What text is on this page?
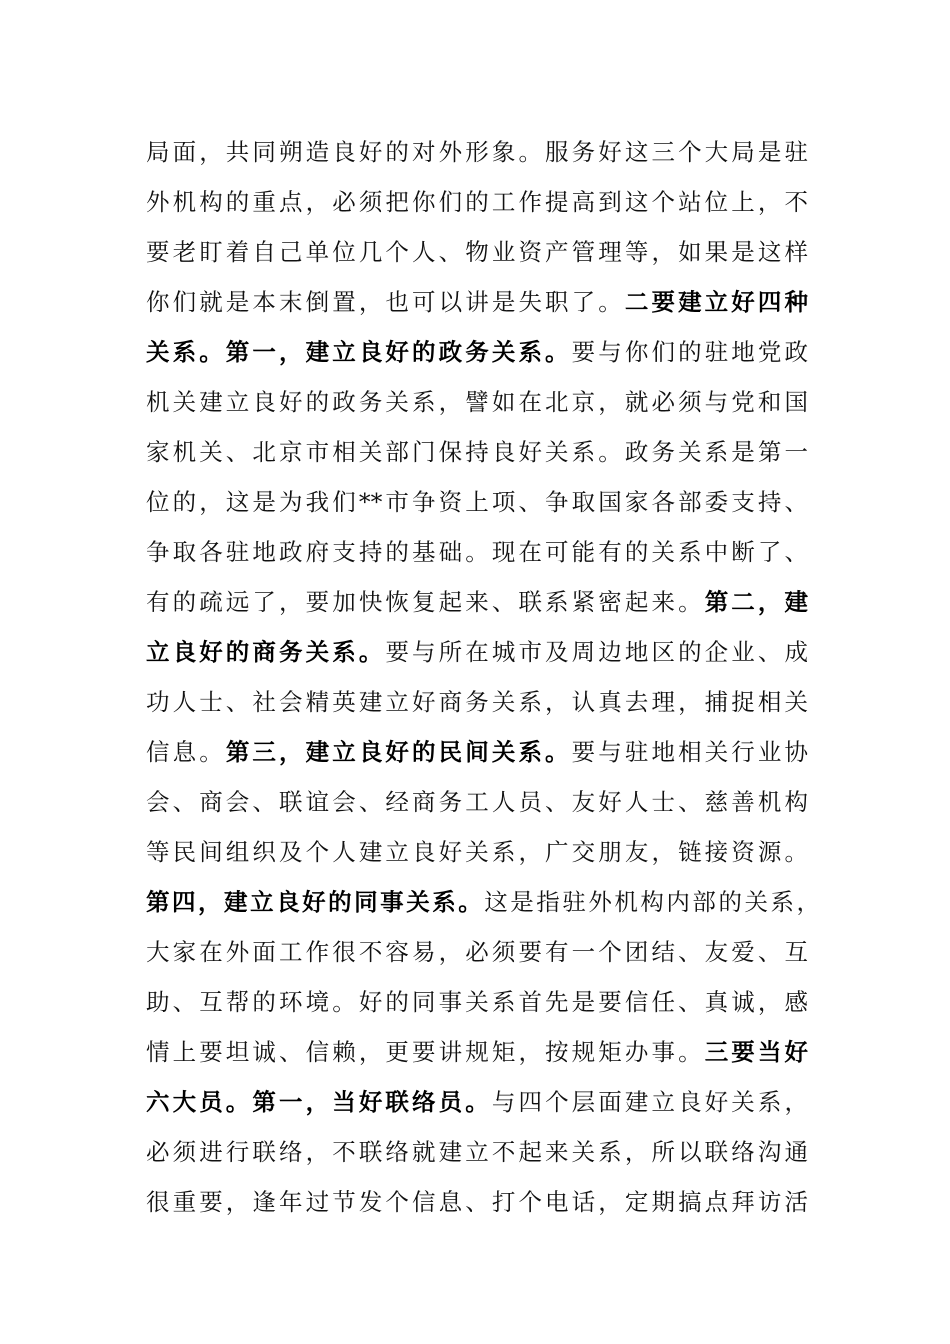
局面，共同朔造良好的对外形象。服务好这三个大局是驻
外机构的重点，必须把你们的工作提高到这个站位上，不
要老盯着自己单位几个人、物业资产管理等，如果是这样
你们就是本末倒置，也可以讲是失职了。二要建立好四种
关系。第一，建立良好的政务关系。要与你们的驻地党政
机关建立良好的政务关系，譬如在北京，就必须与党和国
家机关、北京市相关部门保持良好关系。政务关系是第一
位的，这是为我们**市争资上项、争取国家各部委支持、
争取各驻地政府支持的基础。现在可能有的关系中断了、
有的疏远了，要加快恢复起来、联系紧密起来。第二，建
立良好的商务关系。要与所在城市及周边地区的企业、成
功人士、社会精英建立好商务关系，认真去理，捕捉相关
信息。第三，建立良好的民间关系。要与驻地相关行业协
会、商会、联谊会、经商务工人员、友好人士、慈善机构
等民间组织及个人建立良好关系，广交朋友，链接资源。
第四，建立良好的同事关系。这是指驻外机构内部的关系，
大家在外面工作很不容易，必须要有一个团结、友爱、互
助、互帮的环境。好的同事关系首先是要信任、真诚，感
情上要坦诚、信赖，更要讲规矩，按规矩办事。三要当好
六大员。第一，当好联络员。与四个层面建立良好关系，
必须进行联络，不联络就建立不起来关系，所以联络沟通
很重要，逢年过节发个信息、打个电话，定期搞点拜访活
